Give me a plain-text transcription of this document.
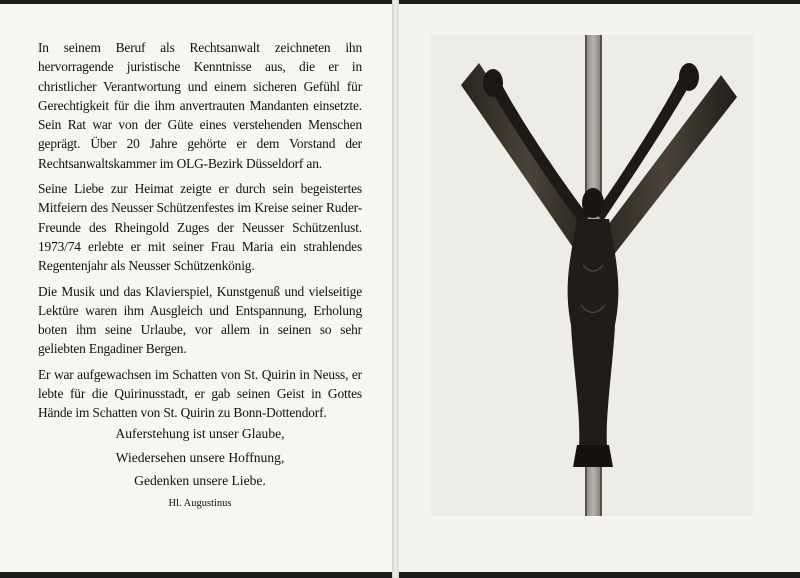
In seinem Beruf als Rechtsanwalt zeichneten ihn hervorragende juristische Kenntnisse aus, die er in christlicher Verantwortung und einem sicheren Gefühl für Gerechtigkeit für die ihm anvertrauten Mandanten einsetzte. Sein Rat war von der Güte eines verstehenden Menschen geprägt. Über 20 Jahre gehörte er dem Vorstand der Rechtsanwaltskammer im OLG-Bezirk Düsseldorf an.

Seine Liebe zur Heimat zeigte er durch sein begeistertes Mitfeiern des Neusser Schützenfestes im Kreise seiner Ruder-Freunde des Rheingold Zuges der Neusser Schützenlust. 1973/74 erlebte er mit seiner Frau Maria ein strahlendes Regentenjahr als Neusser Schützenkönig.

Die Musik und das Klavierspiel, Kunstgenuß und vielseitige Lektüre waren ihm Ausgleich und Entspannung, Erholung boten ihm seine Urlaube, vor allem in seinen so sehr geliebten Engadiner Bergen.

Er war aufgewachsen im Schatten von St. Quirin in Neuss, er lebte für die Quirinusstadt, er gab seinen Geist in Gottes Hände im Schatten von St. Quirin zu Bonn-Dottendorf.

Auferstehung ist unser Glaube,
Wiedersehen unsere Hoffnung,
Gedenken unsere Liebe.
Hl. Augustinus
